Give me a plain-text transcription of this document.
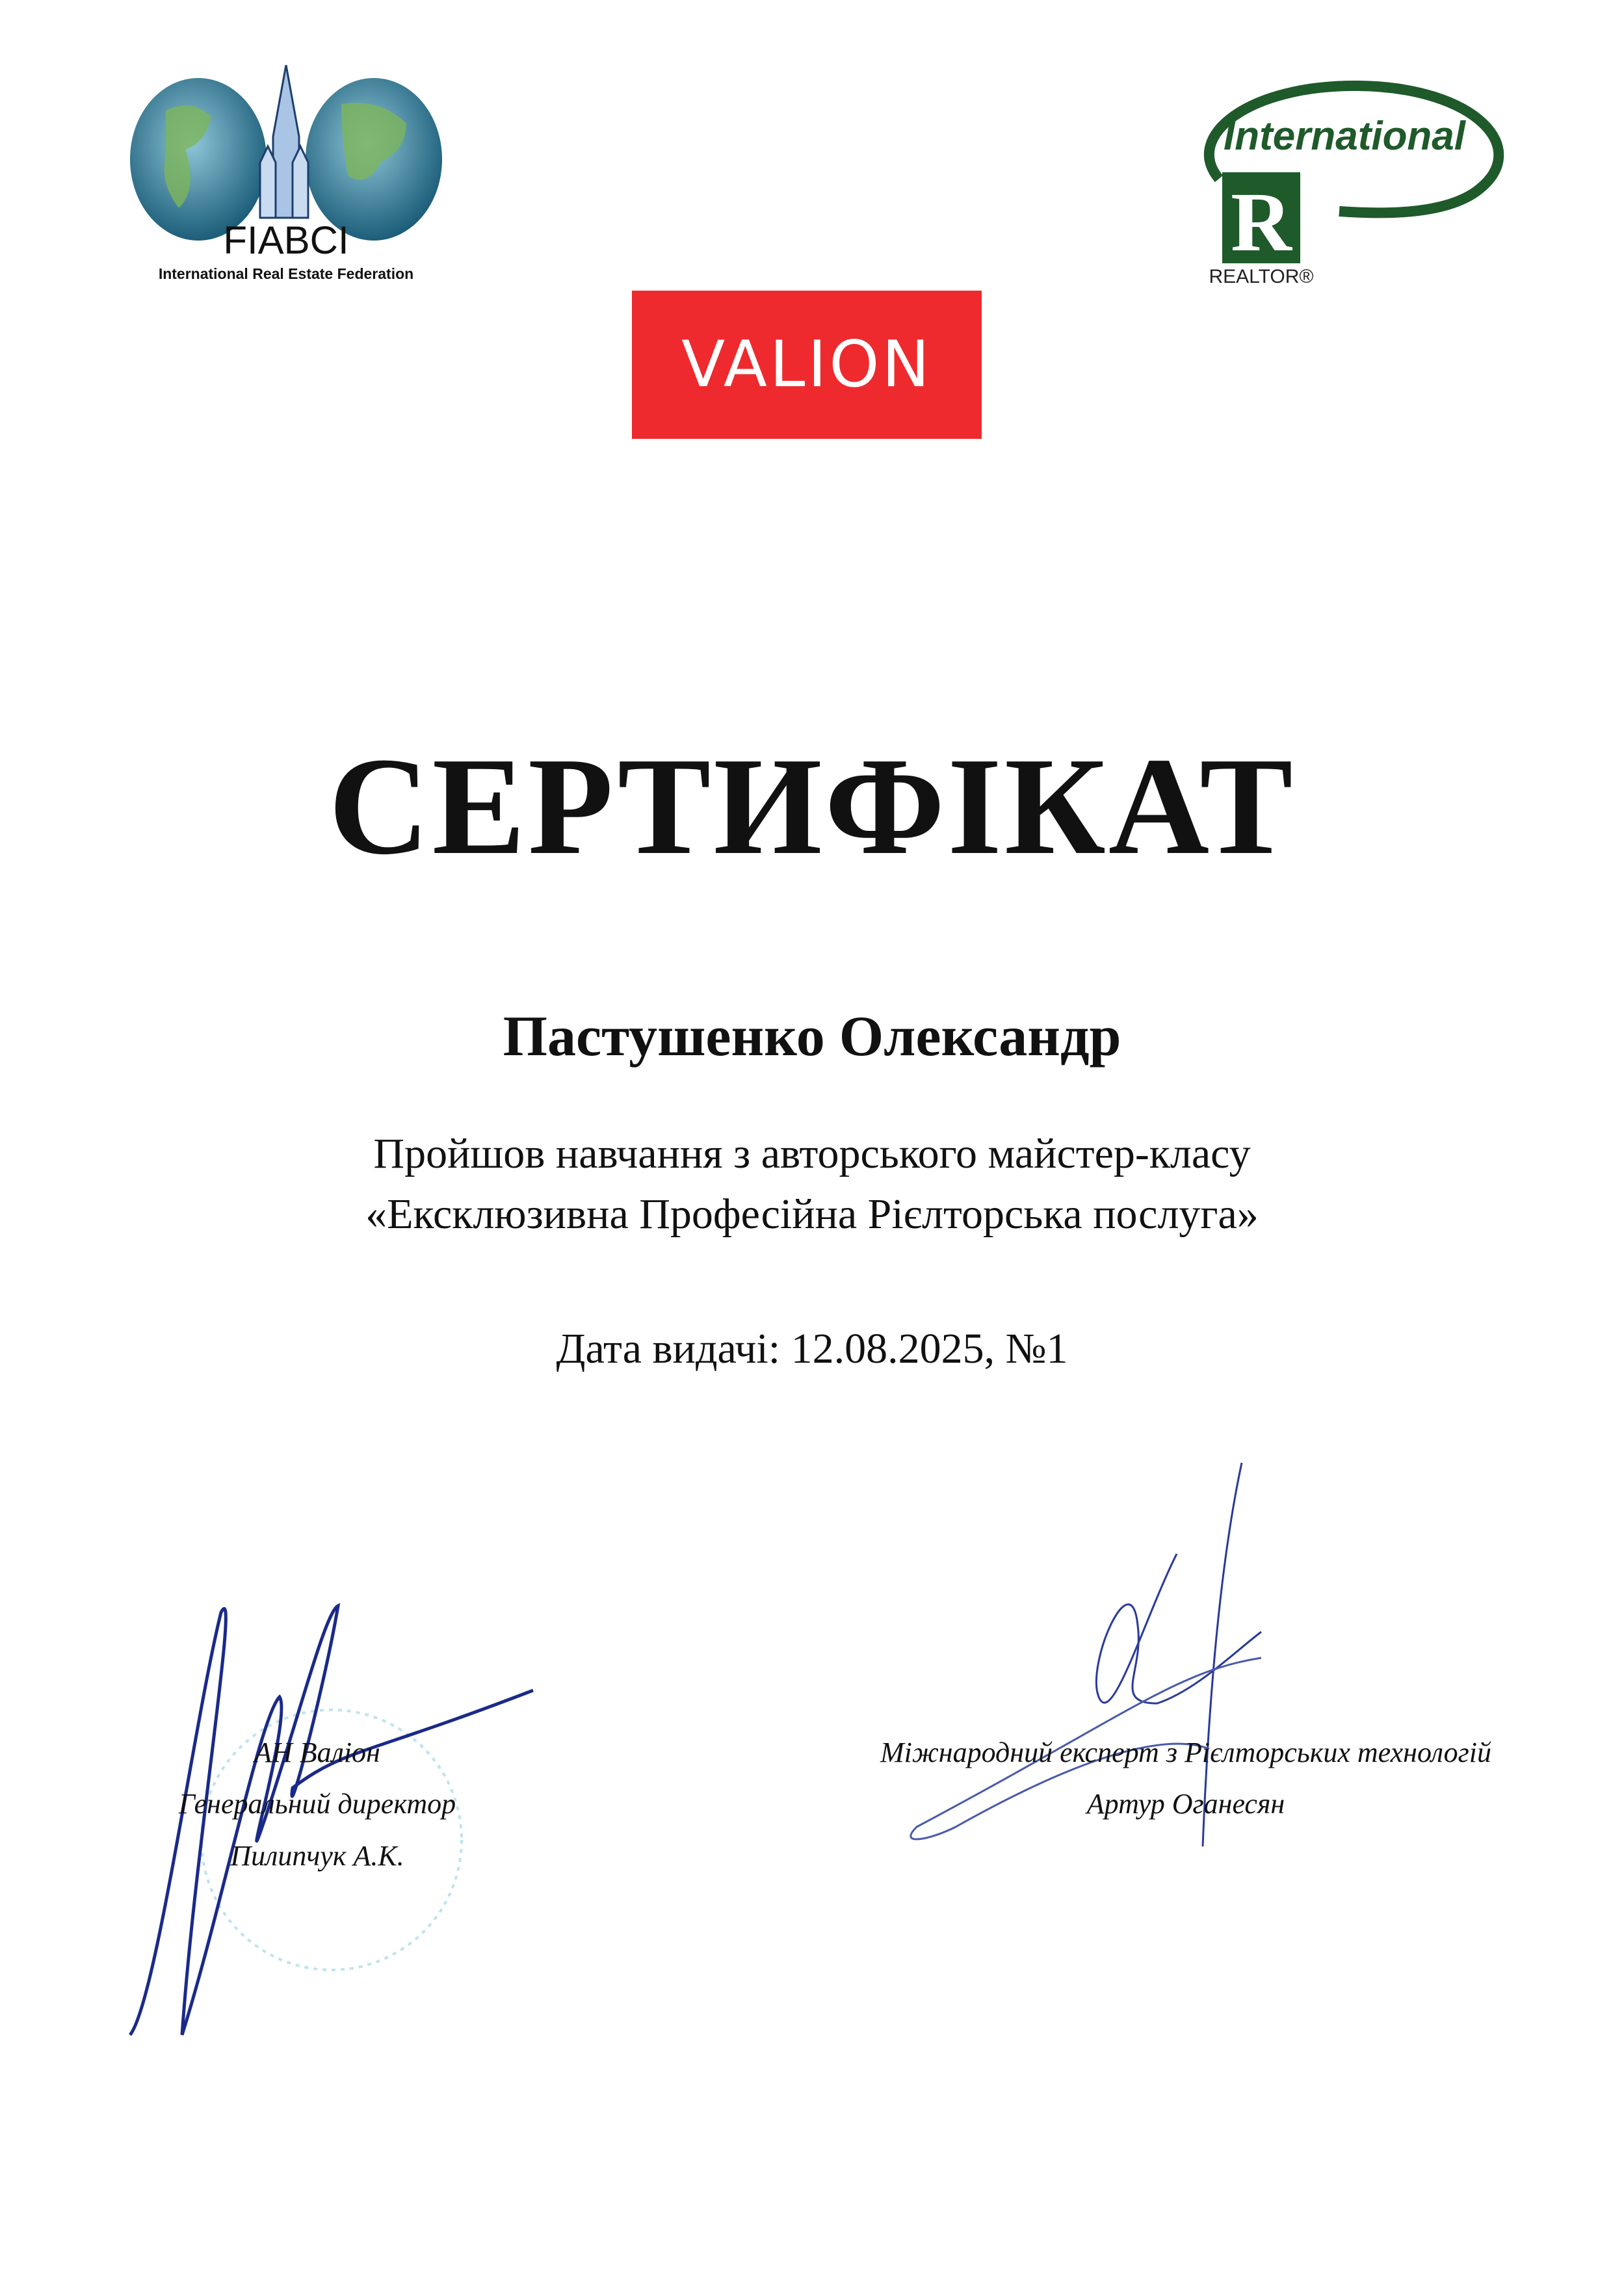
FIABCI
International Real Estate Federation
International
R
REALTOR®
VALION
СЕРТИФІКАТ
Пастушенко Олександр
Пройшов навчання з авторського майстер-класу
«Ексклюзивна Професійна Рієлторська послуга»
Дата видачі: 12.08.2025, №1
АН Валіон
Генеральний директор
Пилипчук А.К.
Міжнародний експерт з Рієлторських технологій
Артур Оганесян
